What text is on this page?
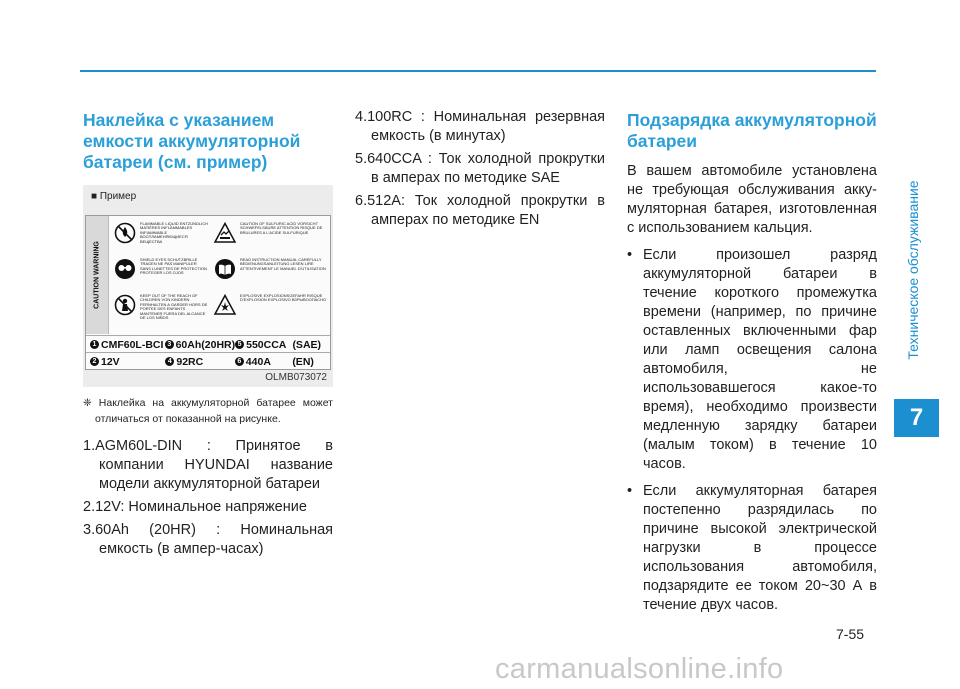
Техническое обслуживание
7
Наклейка с указанием
емкости аккумуляторной
батареи (см. пример)
■ Пример
CAUTION WARNING
FLAMMABLE LIQUID ENTZÜNDLICH MATIÈRES INFLAMMABLES INFIAMMABLE ВОСПЛАМЕНЯЮЩИЕСЯ ВЕЩЕСТВА
SHIELD EYES SCHUTZBRILLE TRAGEN NE PAS MANIPULER SANS LUNETTES DE PROTECTION PROTEGER LOS OJOS
KEEP OUT OF THE REACH OF CHILDREN VON KINDERN FERNHALTEN A GARDER HORS DE PORTEE DES ENFANTS MANTENER FUERA DEL ALCANCE DE LOS NIÑOS
CAUTION OF SULFURIC ACID VORSICHT SCHWEFELSÄURE ATTENTION RISQUE DE BRULURES A L'ACIDE SULFURIQUE
READ INSTRUCTION MANUAL CAREFULLY BEDIENUNGSANLEITUNG LESEN LIRE ATTENTIVEMENT LE MANUEL D'UTILISATION
EXPLOSIVE EXPLOSIONSGEFAHR RISQUE D'EXPLOSION EXPLOSIVO ВЗРЫВООПАСНО
1 CMF60L-BCI 3 60Ah(20HR) 5 550CCA (SAE)
2 12V	4 92RC	6 440A (EN)
OLMB073072
❈ Наклейка на аккумуляторной батарее может отличаться от показанной на рисунке.
1.AGM60L-DIN : Принятое в компании HYUNDAI название модели аккумуляторной батареи
2.12V: Номинальное напряжение
3.60Ah (20HR) : Номинальная емкость (в ампер-часах)
4.100RC : Номинальная резервная емкость (в минутах)
5.640CCA : Ток холодной прокрутки в амперах по методике SAE
6.512A: Ток холодной прокрутки в амперах по методике EN
Подзарядка аккумуляторной
батареи
В вашем автомобиле установлена не требующая обслуживания аккумуляторная батарея, изготовленная с использованием кальция.
• Если произошел разряд аккумуляторной батареи в течение короткого промежутка времени (например, по причине оставленных включенными фар или ламп освещения салона автомобиля, не использовавшегося какое-то время), необходимо произвести медленную зарядку батареи (малым током) в течение 10 часов.
• Если аккумуляторная батарея постепенно разрядилась по причине высокой электрической нагрузки в процессе использования автомобиля, подзарядите ее током 20~30 А в течение двух часов.
7-55
carmanualsonline.info
